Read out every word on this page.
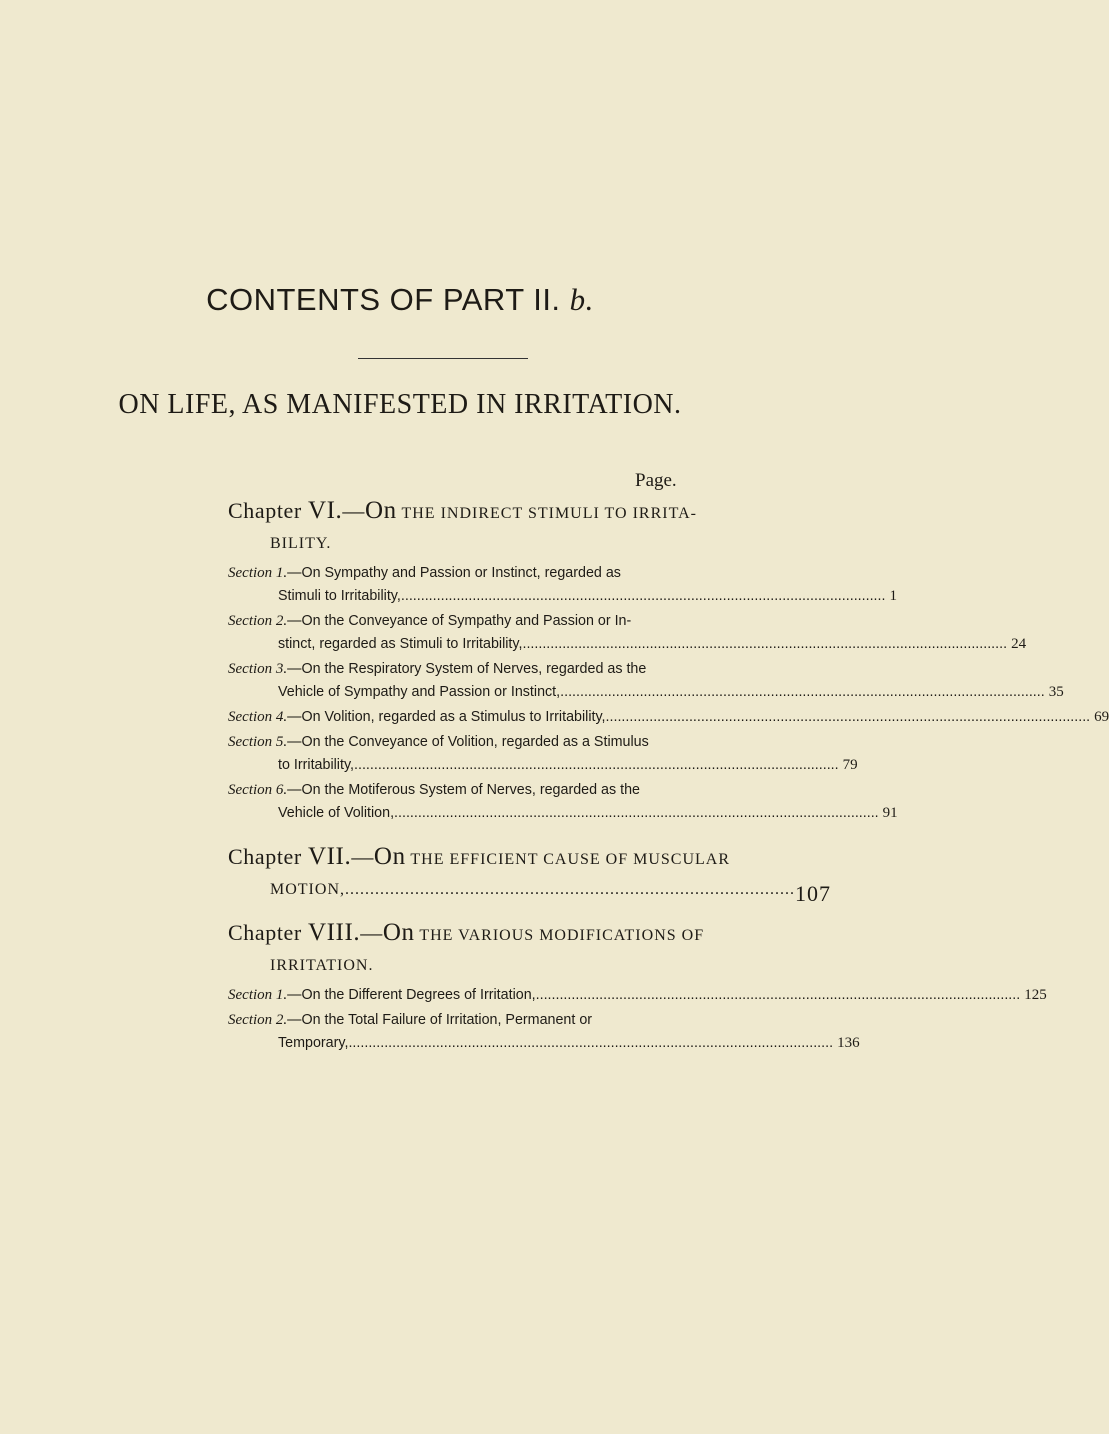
CONTENTS OF PART II. b.
ON LIFE, AS MANIFESTED IN IRRITATION.
Page.
Chapter VI.—On THE INDIRECT STIMULI TO IRRITA-
BILITY.
Section 1.—On Sympathy and Passion or Instinct, regarded as
Stimuli to Irritability, .......................................................................................................................... 1
Section 2.—On the Conveyance of Sympathy and Passion or In-
stinct, regarded as Stimuli to Irritability, .......................................................................................................................... 24
Section 3.—On the Respiratory System of Nerves, regarded as the
Vehicle of Sympathy and Passion or Instinct, .......................................................................................................................... 35
Section 4.—On Volition, regarded as a Stimulus to Irritability, .......................................................................................................................... 69
Section 5.—On the Conveyance of Volition, regarded as a Stimulus
to Irritability, .......................................................................................................................... 79
Section 6.—On the Motiferous System of Nerves, regarded as the
Vehicle of Volition, .......................................................................................................................... 91
Chapter VII.—On THE EFFICIENT CAUSE OF MUSCULAR
MOTION, .......................................................................................... 107
Chapter VIII.—On THE VARIOUS MODIFICATIONS OF
IRRITATION.
Section 1.—On the Different Degrees of Irritation, .......................................................................................................................... 125
Section 2.—On the Total Failure of Irritation, Permanent or
Temporary, .......................................................................................................................... 136
